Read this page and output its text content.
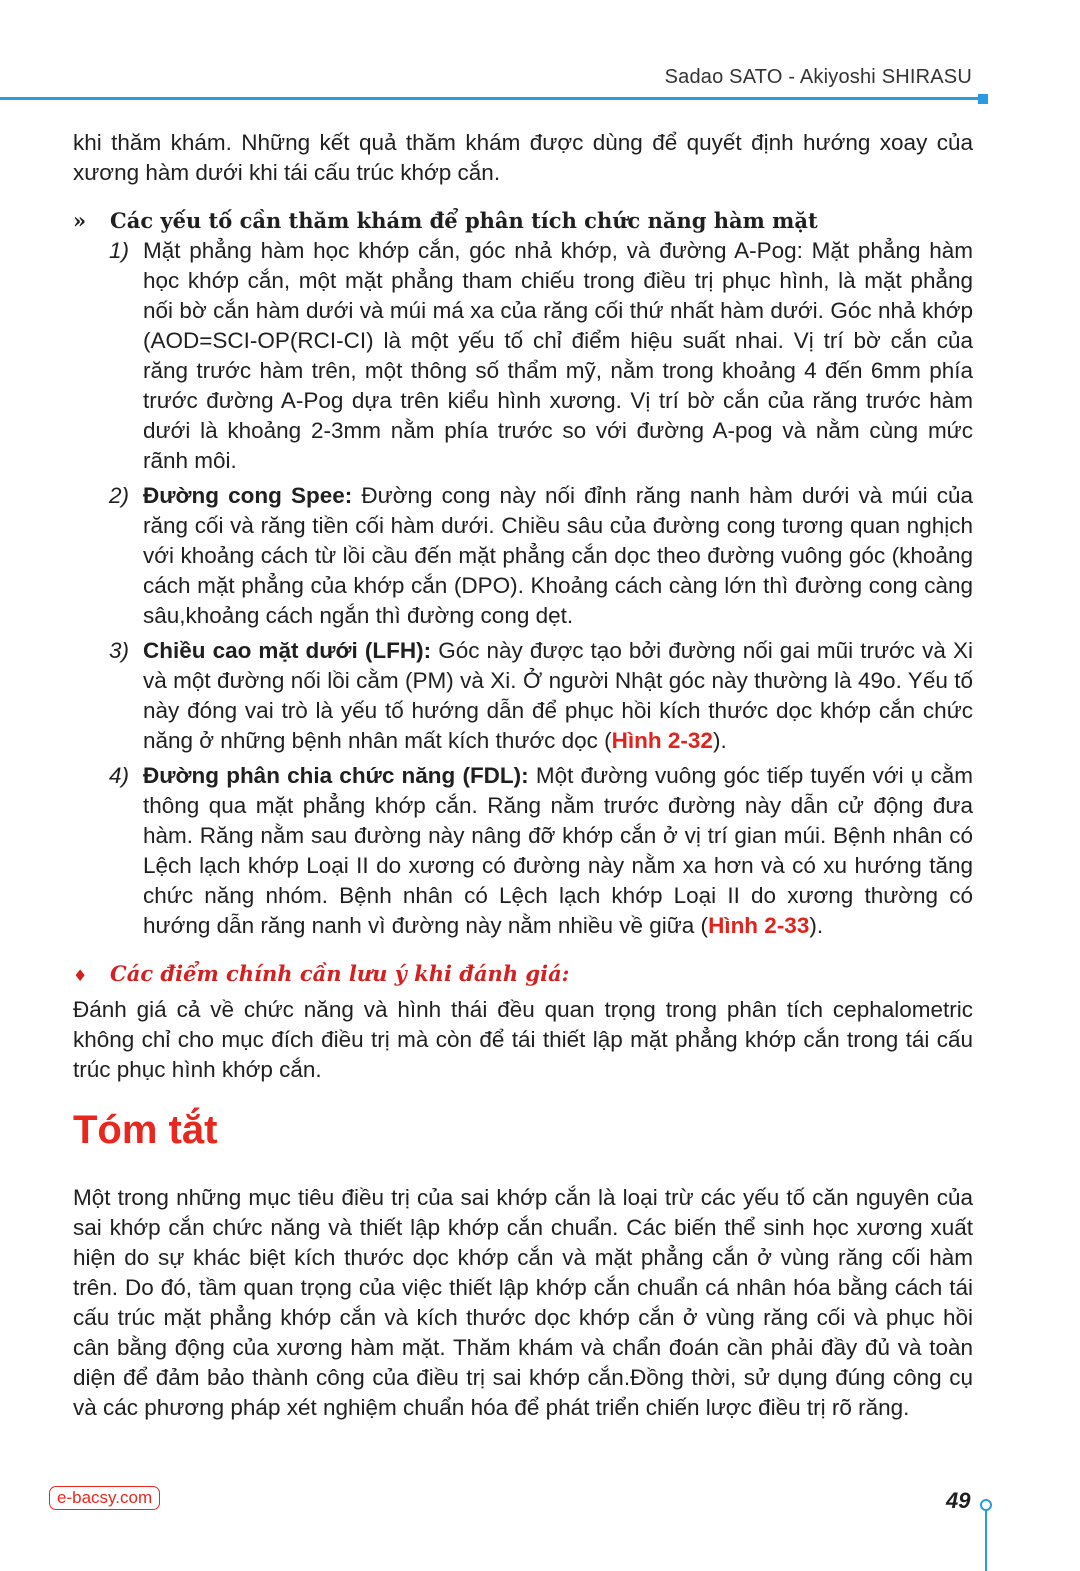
Sadao SATO - Akiyoshi SHIRASU

khi thăm khám. Những kết quả thăm khám được dùng để quyết định hướng xoay của xương hàm dưới khi tái cấu trúc khớp cắn.

»	Các yếu tố cần thăm khám để phân tích chức năng hàm mặt
1) Mặt phẳng hàm học khớp cắn, góc nhả khớp, và đường A-Pog: Mặt phẳng hàm học khớp cắn, một mặt phẳng tham chiếu trong điều trị phục hình, là mặt phẳng nối bờ cắn hàm dưới và múi má xa của răng cối thứ nhất hàm dưới. Góc nhả khớp (AOD=SCI-OP(RCI-CI) là một yếu tố chỉ điểm hiệu suất nhai. Vị trí bờ cắn của răng trước hàm trên, một thông số thẩm mỹ, nằm trong khoảng 4 đến 6mm phía trước đường A-Pog dựa trên kiểu hình xương. Vị trí bờ cắn của răng trước hàm dưới là khoảng 2-3mm nằm phía trước so với đường A-pog và nằm cùng mức rãnh môi.
2) Đường cong Spee: Đường cong này nối đỉnh răng nanh hàm dưới và múi của răng cối và răng tiền cối hàm dưới. Chiều sâu của đường cong tương quan nghịch với khoảng cách từ lồi cầu đến mặt phẳng cắn dọc theo đường vuông góc (khoảng cách mặt phẳng của khớp cắn (DPO). Khoảng cách càng lớn thì đường cong càng sâu,khoảng cách ngắn thì đường cong dẹt.
3) Chiều cao mặt dưới (LFH): Góc này được tạo bởi đường nối gai mũi trước và Xi và một đường nối lồi cằm (PM) và Xi. Ở người Nhật góc này thường là 49o. Yếu tố này đóng vai trò là yếu tố hướng dẫn để phục hồi kích thước dọc khớp cắn chức năng ở những bệnh nhân mất kích thước dọc (Hình 2-32).
4) Đường phân chia chức năng (FDL): Một đường vuông góc tiếp tuyến với ụ cằm thông qua mặt phẳng khớp cắn. Răng nằm trước đường này dẫn cử động đưa hàm. Răng nằm sau đường này nâng đỡ khớp cắn ở vị trí gian múi. Bệnh nhân có Lệch lạch khớp Loại II do xương có đường này nằm xa hơn và có xu hướng tăng chức năng nhóm. Bệnh nhân có Lệch lạch khớp Loại II do xương thường có hướng dẫn răng nanh vì đường này nằm nhiều về giữa (Hình 2-33).
♦	Các điểm chính cần lưu ý khi đánh giá:

Đánh giá cả về chức năng và hình thái đều quan trọng trong phân tích cephalometric không chỉ cho mục đích điều trị mà còn để tái thiết lập mặt phẳng khớp cắn trong tái cấu trúc phục hình khớp cắn.

Tóm tắt

Một trong những mục tiêu điều trị của sai khớp cắn là loại trừ các yếu tố căn nguyên của sai khớp cắn chức năng và thiết lập khớp cắn chuẩn. Các biến thể sinh học xương xuất hiện do sự khác biệt kích thước dọc khớp cắn và mặt phẳng cắn ở vùng răng cối hàm trên. Do đó, tầm quan trọng của việc thiết lập khớp cắn chuẩn cá nhân hóa bằng cách tái cấu trúc mặt phẳng khớp cắn và kích thước dọc khớp cắn ở vùng răng cối và phục hồi cân bằng động của xương hàm mặt. Thăm khám và chẩn đoán cần phải đầy đủ và toàn diện để đảm bảo thành công của điều trị sai khớp cắn.Đồng thời, sử dụng đúng công cụ và các phương pháp xét nghiệm chuẩn hóa để phát triển chiến lược điều trị rõ răng.

e-bacsy.com	49
